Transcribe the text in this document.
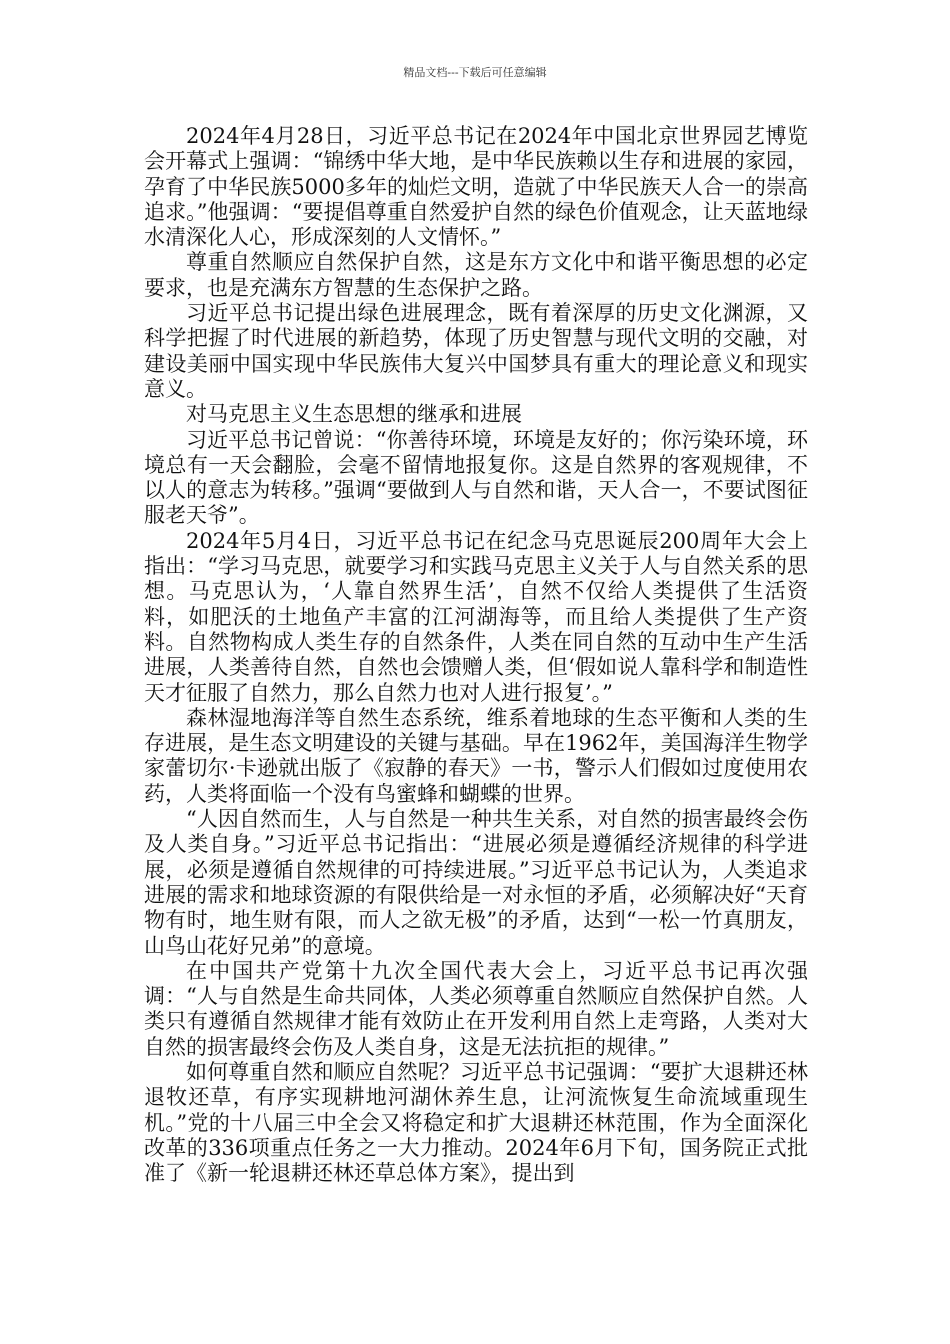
精品文档---下载后可任意编辑

2024年4月28日，习近平总书记在2024年中国北京世界园艺博览会开幕式上强调：“锦绣中华大地，是中华民族赖以生存和进展的家园，孕育了中华民族5000多年的灿烂文明，造就了中华民族天人合一的崇高追求。”他强调：“要提倡尊重自然爱护自然的绿色价值观念，让天蓝地绿水清深化人心，形成深刻的人文情怀。”

尊重自然顺应自然保护自然，这是东方文化中和谐平衡思想的必定要求，也是充满东方智慧的生态保护之路。

习近平总书记提出绿色进展理念，既有着深厚的历史文化渊源，又科学把握了时代进展的新趋势，体现了历史智慧与现代文明的交融，对建设美丽中国实现中华民族伟大复兴中国梦具有重大的理论意义和现实意义。

对马克思主义生态思想的继承和进展

习近平总书记曾说：“你善待环境，环境是友好的；你污染环境，环境总有一天会翻脸，会毫不留情地报复你。这是自然界的客观规律，不以人的意志为转移。”强调“要做到人与自然和谐，天人合一，不要试图征服老天爷”。

2024年5月4日，习近平总书记在纪念马克思诞辰200周年大会上指出：“学习马克思，就要学习和实践马克思主义关于人与自然关系的思想。马克思认为，‘人靠自然界生活’，自然不仅给人类提供了生活资料，如肥沃的土地鱼产丰富的江河湖海等，而且给人类提供了生产资料。自然物构成人类生存的自然条件，人类在同自然的互动中生产生活进展，人类善待自然，自然也会馈赠人类，但‘假如说人靠科学和制造性天才征服了自然力，那么自然力也对人进行报复’。”

森林湿地海洋等自然生态系统，维系着地球的生态平衡和人类的生存进展，是生态文明建设的关键与基础。早在1962年，美国海洋生物学家蕾切尔·卡逊就出版了《寂静的春天》一书，警示人们假如过度使用农药，人类将面临一个没有鸟蜜蜂和蝴蝶的世界。

“人因自然而生，人与自然是一种共生关系，对自然的损害最终会伤及人类自身。”习近平总书记指出：“进展必须是遵循经济规律的科学进展，必须是遵循自然规律的可持续进展。”习近平总书记认为，人类追求进展的需求和地球资源的有限供给是一对永恒的矛盾，必须解决好“天育物有时，地生财有限，而人之欲无极”的矛盾，达到“一松一竹真朋友，山鸟山花好兄弟”的意境。

在中国共产党第十九次全国代表大会上，习近平总书记再次强调：“人与自然是生命共同体，人类必须尊重自然顺应自然保护自然。人类只有遵循自然规律才能有效防止在开发利用自然上走弯路，人类对大自然的损害最终会伤及人类自身，这是无法抗拒的规律。”

如何尊重自然和顺应自然呢？习近平总书记强调：“要扩大退耕还林退牧还草，有序实现耕地河湖休养生息，让河流恢复生命流域重现生机。”党的十八届三中全会又将稳定和扩大退耕还林范围，作为全面深化改革的336项重点任务之一大力推动。2024年6月下旬，国务院正式批准了《新一轮退耕还林还草总体方案》，提出到
